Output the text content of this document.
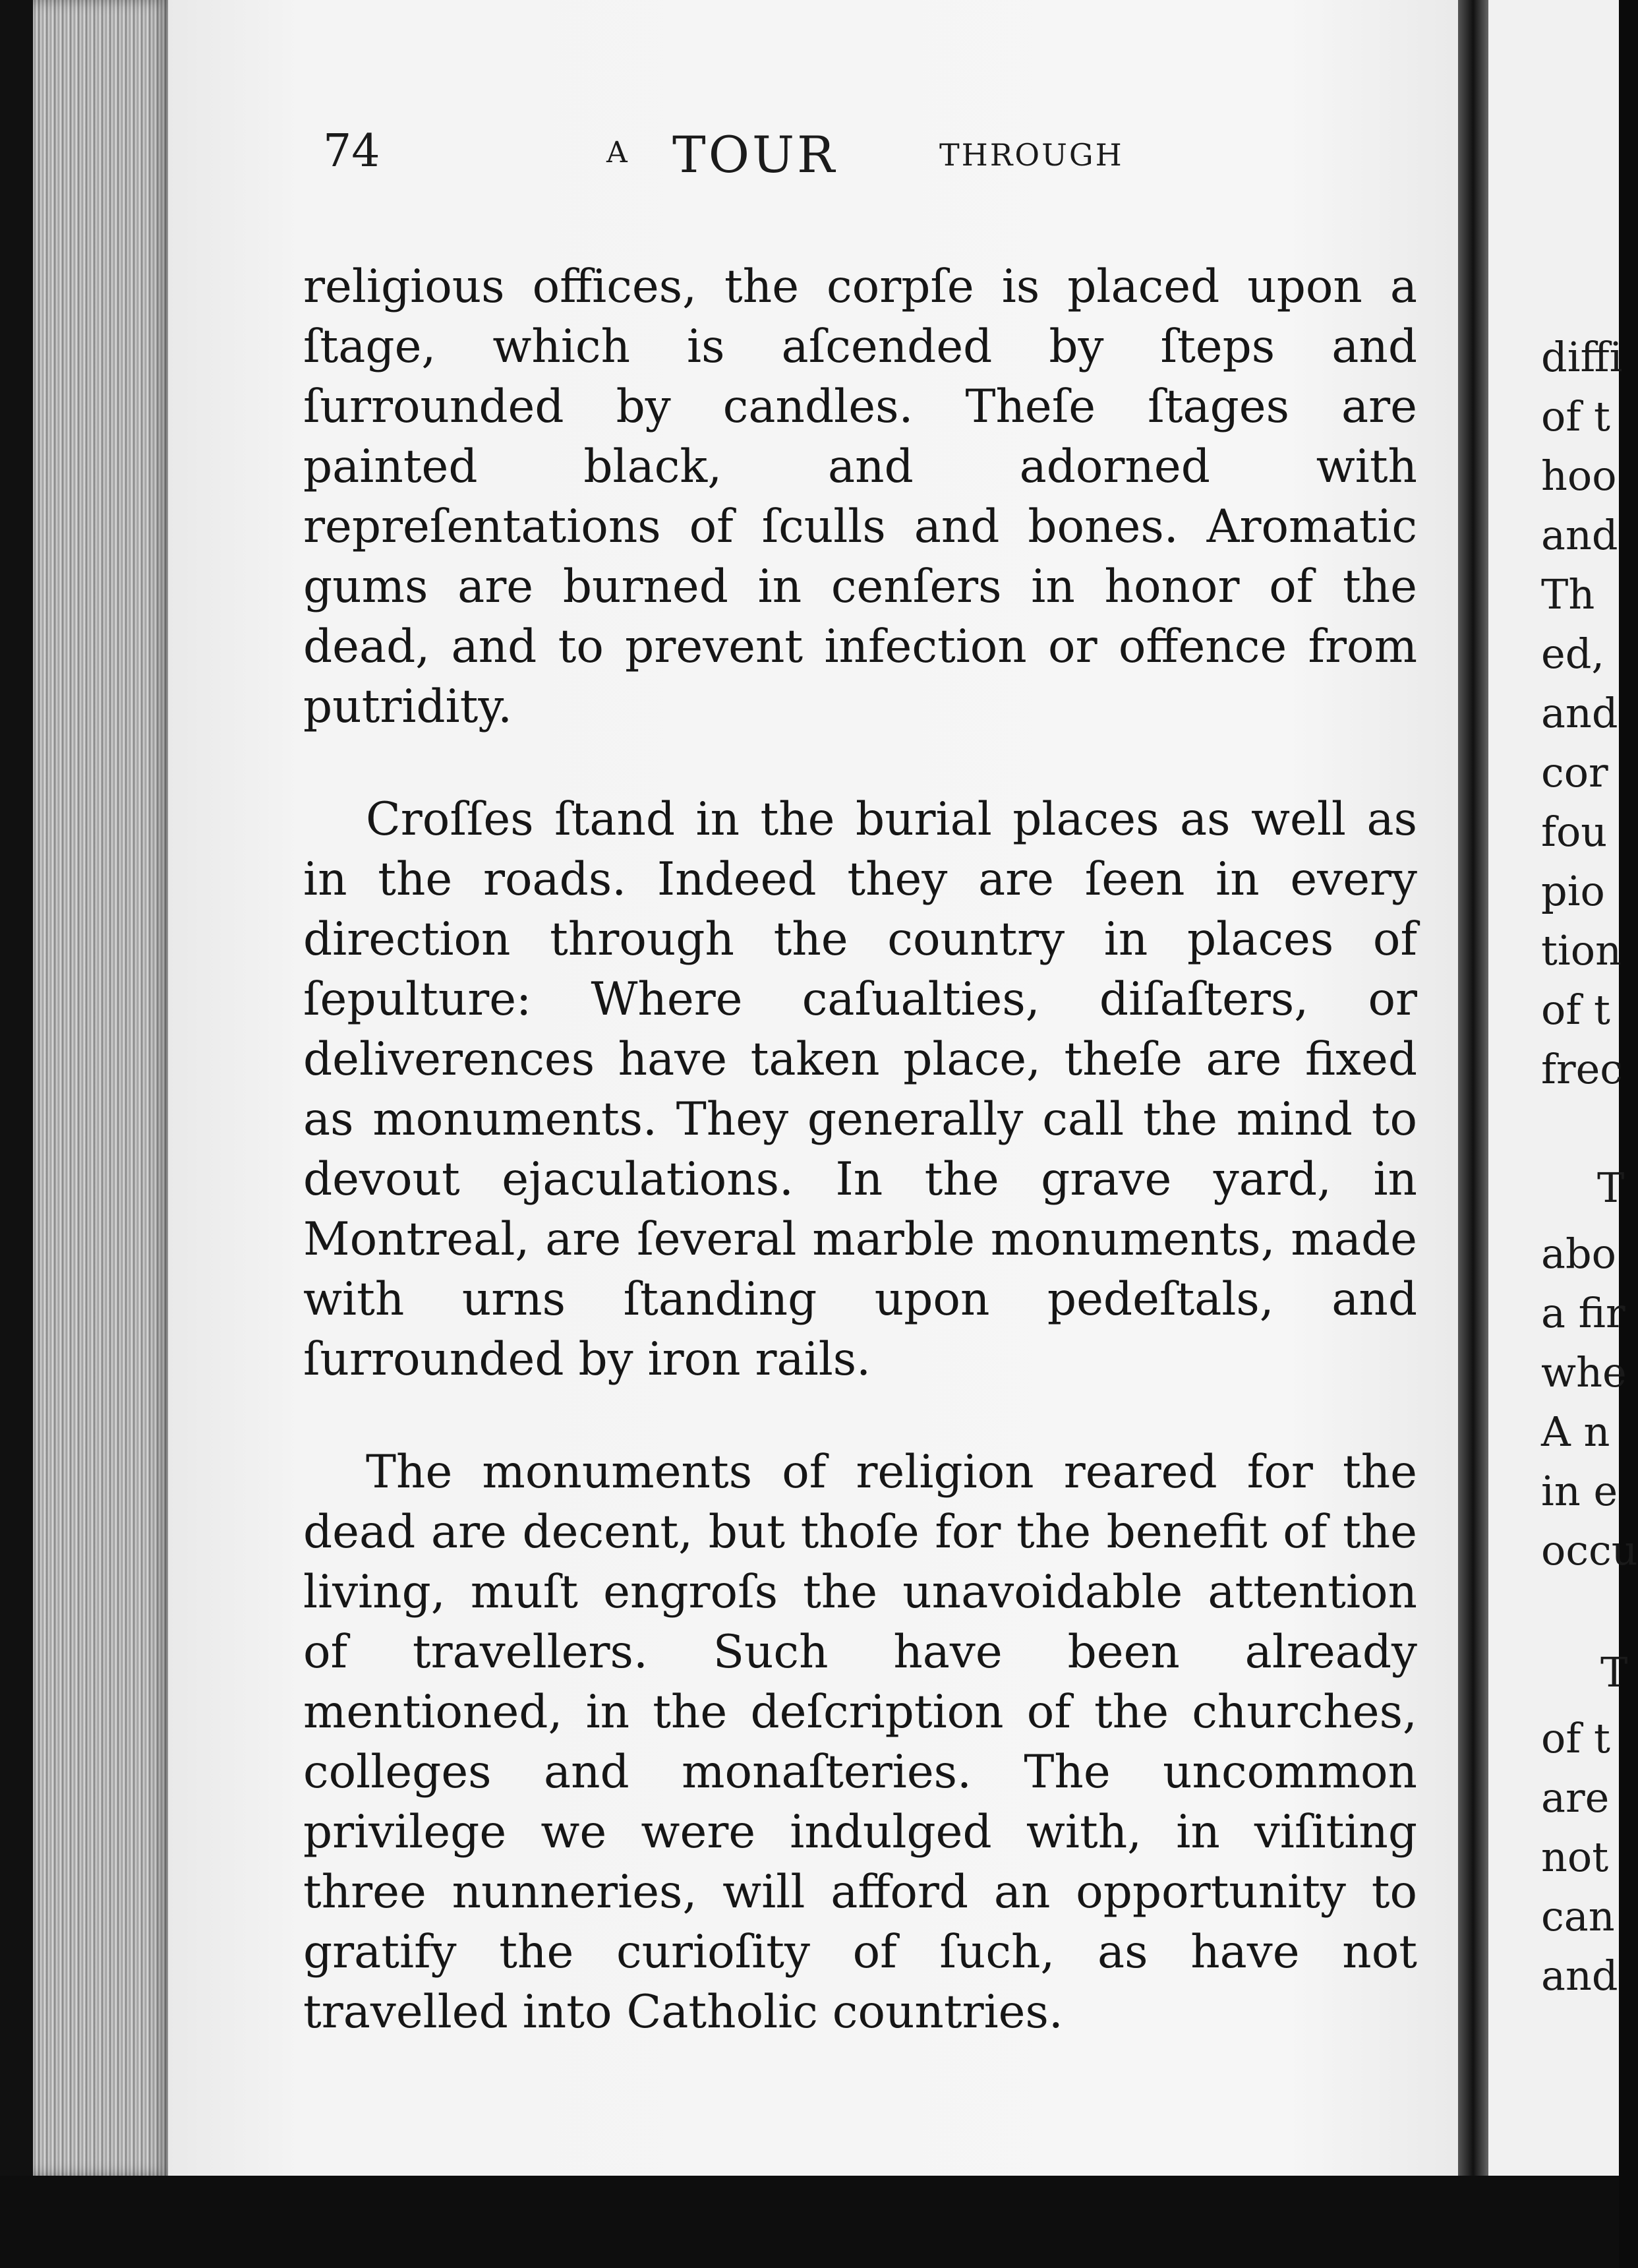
74	A TOUR	THROUGH

religious offices, the corpſe is placed upon a ſtage, which is aſcended by ſteps and ſurrounded by candles. Theſe ſtages are painted black, and adorned with repreſentations of ſculls and bones. Aromatic gums are burned in cenſers in honor of the dead, and to prevent infection or offence from putridity.

Croſſes ſtand in the burial places as well as in the roads. Indeed they are ſeen in every direction through the country in places of ſepulture: Where caſualties, diſaſters, or deliverences have taken place, theſe are fixed as monuments. They generally call the mind to devout ejaculations. In the grave yard, in Montreal, are ſeveral marble monuments, made with urns ſtanding upon pedeſtals, and ſurrounded by iron rails.

The monuments of religion reared for the dead are decent, but thoſe for the benefit of the living, muſt engroſs the unavoidable attention of travellers. Such have been already mentioned, in the deſcription of the churches, colleges and monaſteries. The uncommon privilege we were indulged with, in viſiting three nunneries, will afford an opportunity to gratify the curioſity of ſuch, as have not travelled into Catholic countries.

diffi
of t
hoo
and
Th
ed,
and
cor
fou
pio
tion
of t
frec
T
abo
a fir
whe
A n
in e
occu
T
of t
are
not
can
and
